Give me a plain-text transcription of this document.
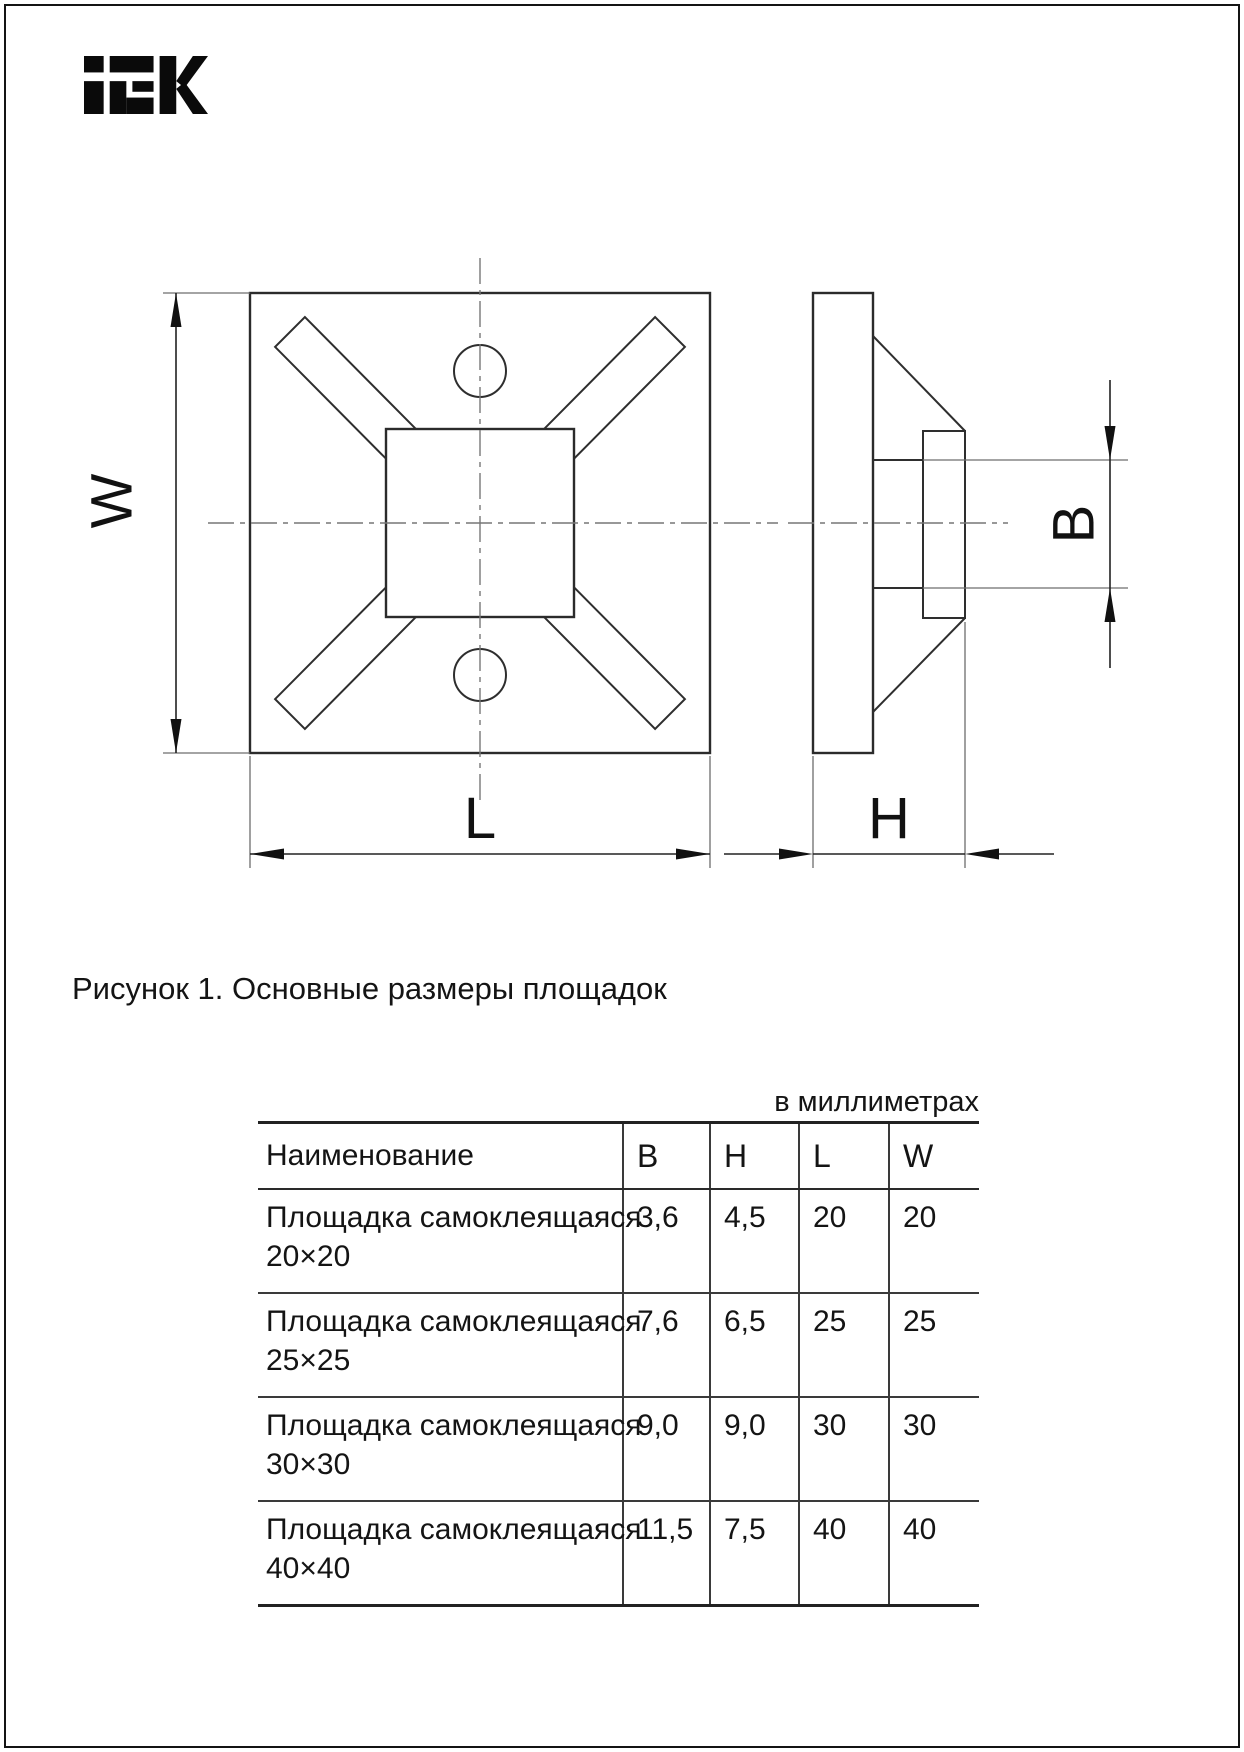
W
L	H
B
Рисунок 1. Основные размеры площадок
в миллиметрах
Наименование	B	H	L	W

Площадка самоклеящаяся
20×20	3,6	4,5	20	20

Площадка самоклеящаяся
25×25	7,6	6,5	25	25

Площадка самоклеящаяся
30×30	9,0	9,0	30	30

Площадка самоклеящаяся
40×40	11,5	7,5	40	40
